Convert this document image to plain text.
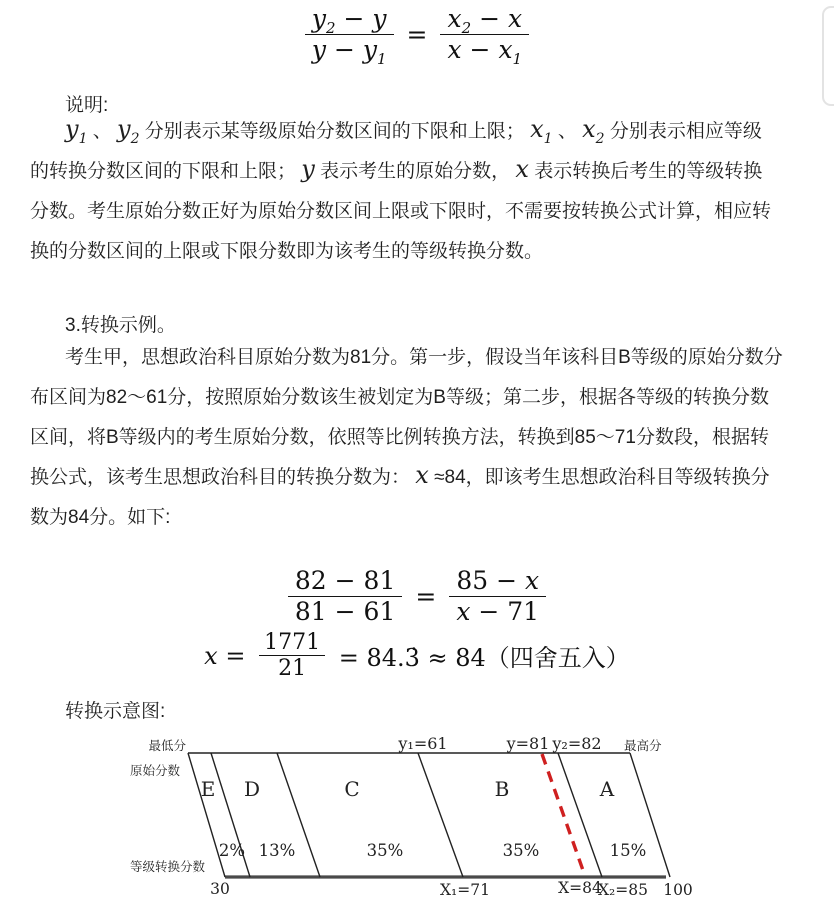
$\frac{y_2 - y}{y - y_1} = \frac{x_2 - x}{x - x_1}$
说明:
$y_1$ 、 $y_2$ 分别表示某等级原始分数区间的下限和上限； $x_1$ 、 $x_2$ 分别表示相应等级
的转换分数区间的下限和上限； y 表示考生的原始分数， x 表示转换后考生的等级转换
分数。考生原始分数正好为原始分数区间上限或下限时，不需要按转换公式计算，相应转
换的分数区间的上限或下限分数即为该考生的等级转换分数。
3.转换示例。
考生甲，思想政治科目原始分数为81分。第一步，假设当年该科目B等级的原始分数分
布区间为82～61分，按照原始分数该生被划定为B等级；第二步，根据各等级的转换分数
区间，将B等级内的考生原始分数，依照等比例转换方法，转换到85～71分数段，根据转
换公式，该考生思想政治科目的转换分数为： x ≈84，即该考生思想政治科目等级转换分
数为84分。如下:
$\frac{82 - 81}{81 - 61} = \frac{85 - x}{x - 71}$
$x = \frac{1771}{21}$ = 84.3̇ ≈ 84（四舍五入）
转换示意图:
最低分	y₁=61	y=81 y₂=82 最高分
原始分数
等级转换分数
E D	C	B	A
2% 13%	35%	35%	15%
30	X₁=71	X=84
X₂=85 100
